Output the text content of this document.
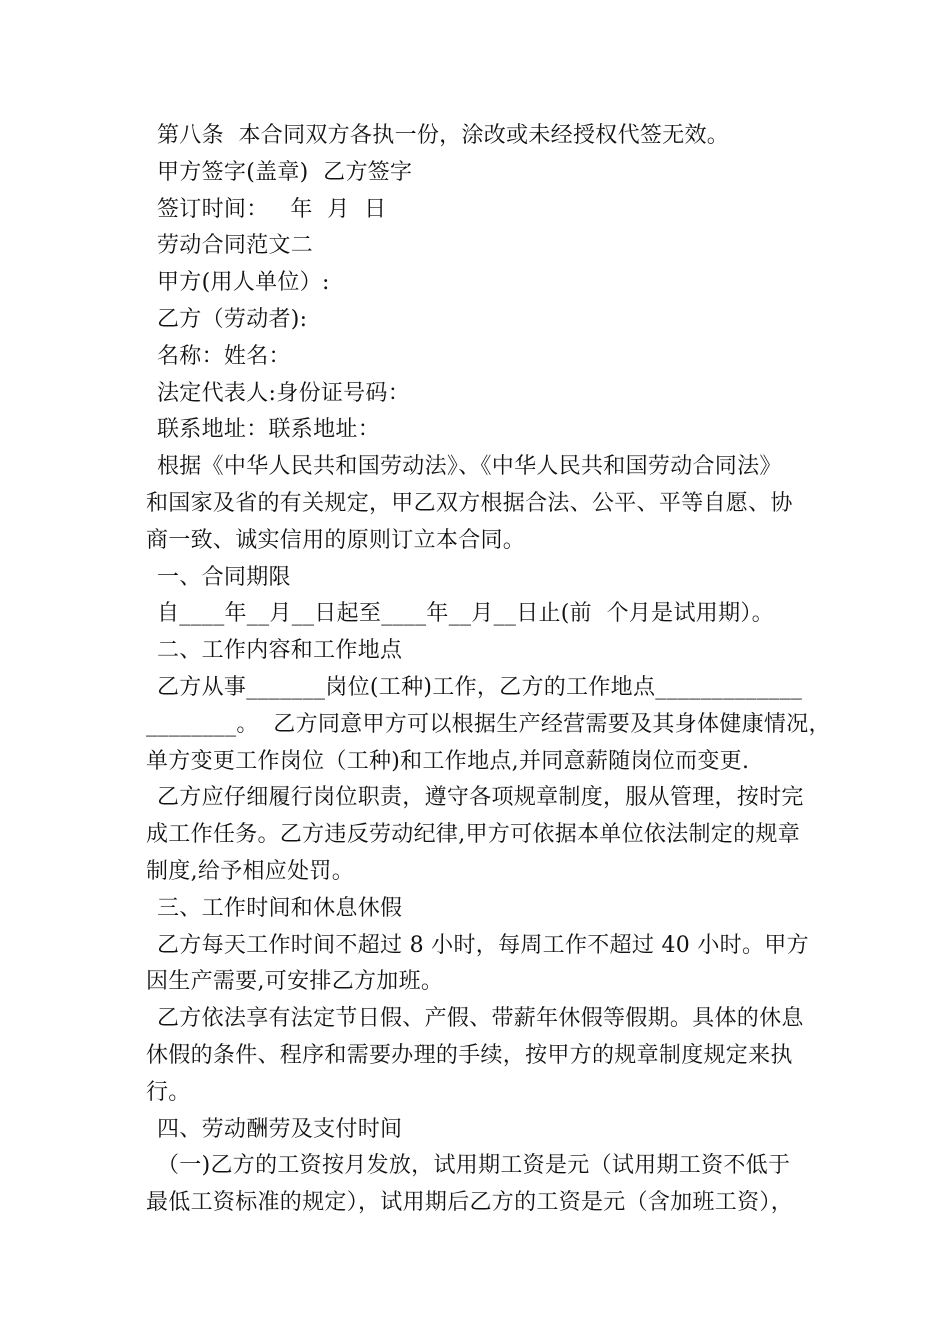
第八条  本合同双方各执一份，涂改或未经授权代签无效。
甲方签字(盖章)  乙方签字
签订时间：   年  月  日
劳动合同范文二
甲方(用人单位）:
乙方（劳动者):
名称：姓名：
法定代表人:身份证号码：
联系地址：联系地址：
根据《中华人民共和国劳动法》、《中华人民共和国劳动合同法》
和国家及省的有关规定，甲乙双方根据合法、公平、平等自愿、协
商一致、诚实信用的原则订立本合同。
一、合同期限
自____年__月__日起至____年__月__日止(前  个月是试用期）。
二、工作内容和工作地点
乙方从事_______岗位(工种)工作，乙方的工作地点_____________
________。  乙方同意甲方可以根据生产经营需要及其身体健康情况，
单方变更工作岗位（工种)和工作地点,并同意薪随岗位而变更.
乙方应仔细履行岗位职责，遵守各项规章制度，服从管理，按时完
成工作任务。乙方违反劳动纪律,甲方可依据本单位依法制定的规章
制度,给予相应处罚。
三、工作时间和休息休假
乙方每天工作时间不超过 8 小时，每周工作不超过 40 小时。甲方
因生产需要,可安排乙方加班。
乙方依法享有法定节日假、产假、带薪年休假等假期。具体的休息
休假的条件、程序和需要办理的手续，按甲方的规章制度规定来执
行。
四、劳动酬劳及支付时间
（一)乙方的工资按月发放，试用期工资是元（试用期工资不低于
最低工资标准的规定），试用期后乙方的工资是元（含加班工资），
